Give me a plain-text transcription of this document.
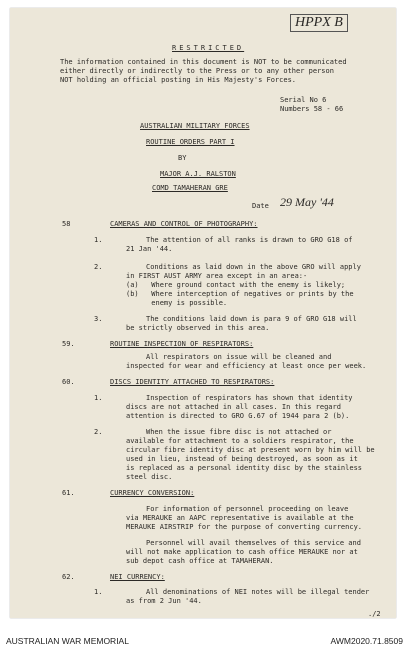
HPPX B
RESTRICTED
The information contained in this document is NOT to be communicated
either directly or indirectly to the Press or to any other person
NOT holding an official posting in His Majesty's Forces.
Serial No 6
Numbers 58 - 66
AUSTRALIAN MILITARY FORCES
ROUTINE ORDERS PART I
BY
MAJOR A.J. RALSTON
COMD TAMAHERAN GRE
Date 29 May '44
58	CAMERAS AND CONTROL OF PHOTOGRAPHY:
1.	The attention of all ranks is drawn to GRO G18 of
21 Jan '44.
2.	Conditions as laid down in the above GRO will apply
in FIRST AUST ARMY area except in an area:-
(a)   Where ground contact with the enemy is likely;
(b)   Where interception of negatives or prints by the
enemy is possible.
3.	The conditions laid down is para 9 of GRO G18 will
be strictly observed in this area.
59.	ROUTINE INSPECTION OF RESPIRATORS:
All respirators on issue will be cleaned and
inspected for wear and efficiency at least once per week.
60.	DISCS IDENTITY ATTACHED TO RESPIRATORS:
1.	Inspection of respirators has shown that identity
discs are not attached in all cases. In this regard
attention is directed to GRO G.67 of 1944 para 2 (b).
2.	When the issue fibre disc is not attached or
available for attachment to a soldiers respirator, the
circular fibre identity disc at present worn by him will be
used in lieu, instead of being destroyed, as soon as it
is replaced as a personal identity disc by the stainless
steel disc.
61.	CURRENCY CONVERSION:
For information of personnel proceeding on leave
via MERAUKE an AAPC representative is available at the
MERAUKE AIRSTRIP for the purpose of converting currency.
Personnel will avail themselves of this service and
will not make application to cash office MERAUKE nor at
sub depot cash office at TAMAHERAN.
62.	NEI CURRENCY:
1.	All denominations of NEI notes will be illegal tender
as from 2 Jun '44.
./2
AUSTRALIAN WAR MEMORIAL	AWM2020.71.8509
